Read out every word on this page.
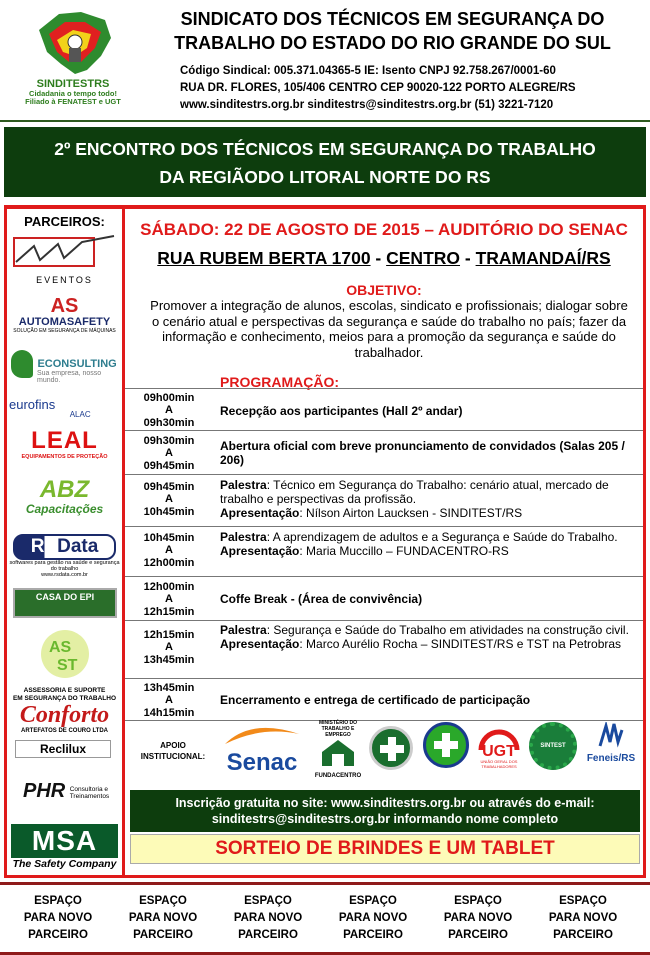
SINDITESTRS
Cidadania o tempo todo!
Filiado à FENATEST e UGT
SINDICATO DOS TÉCNICOS EM SEGURANÇA DO
TRABALHO DO ESTADO DO RIO GRANDE DO SUL
Código Sindical: 005.371.04365-5 IE: Isento CNPJ 92.758.267/0001-60
RUA DR. FLORES, 105/406 CENTRO CEP 90020-122 PORTO ALEGRE/RS
www.sinditestrs.org.br sinditestrs@sinditestrs.org.br (51) 3221-7120
2º ENCONTRO DOS TÉCNICOS EM SEGURANÇA DO TRABALHO
DA REGIÃODO LITORAL NORTE DO RS
PARCEIROS:
EVENTOS
AS
AUTOMASAFETY
SOLUÇÃO EM SEGURANÇA DE MÁQUINAS
ECONSULTING
Sua empresa, nosso mundo.
eurofins $_{ALAC}$
LEAL
EQUIPAMENTOS DE PROTEÇÃO
ABZ
Capacitações
RSData
softwares para gestão na saúde e segurança do trabalho
www.rsdata.com.br
CASA DO EPI
AS
ST
ASSESSORIA E SUPORTE
EM SEGURANÇA DO TRABALHO
Conforto
ARTEFATOS DE COURO LTDA
Reclilux
PHR Consultoria e Treinamentos
MSA
The Safety Company
SÁBADO: 22 DE AGOSTO DE 2015 – AUDITÓRIO DO SENAC
RUA RUBEM BERTA 1700 - CENTRO - TRAMANDAÍ/RS
OBJETIVO:
Promover a integração de alunos, escolas, sindicato e profissionais; dialogar sobre o cenário atual e perspectivas da segurança e saúde do trabalho no país; fazer da informação e conhecimento, meios para a promoção da segurança e saúde do trabalhador.
PROGRAMAÇÃO:
09h00min
A
09h30min
Recepção aos participantes (Hall 2º andar)
09h30min
A
09h45min
Abertura oficial com breve pronunciamento de convidados (Salas 205 / 206)
09h45min
A
10h45min
Palestra: Técnico em Segurança do Trabalho: cenário atual, mercado de trabalho e perspectivas da profissão.
Apresentação: Nílson Airton Laucksen - SINDITEST/RS
10h45min
A
12h00min
Palestra: A aprendizagem de adultos e a Segurança e Saúde do Trabalho.
Apresentação: Maria Muccillo – FUNDACENTRO-RS
12h00min
A
12h15min
Coffe Break - (Área de convivência)
12h15min
A
13h45min
Palestra: Segurança e Saúde do Trabalho em atividades na construção civil.
Apresentação: Marco Aurélio Rocha – SINDITEST/RS e TST na Petrobras
13h45min
A
14h15min
Encerramento e entrega de certificado de participação
APOIO
INSTITUCIONAL: Senac
MINISTÉRIO DO TRABALHO E EMPREGO
FUNDACENTRO
UGT
UNIÃO GERAL DOS TRABALHADORES
SINTEST
Feneis/RS
Inscrição gratuita no site: www.sinditestrs.org.br ou através do e-mail:
sinditestrs@sinditestrs.org.br informando nome completo
SORTEIO DE BRINDES E UM TABLET
ESPAÇO
PARA NOVO
PARCEIRO
ESPAÇO
PARA NOVO
PARCEIRO
ESPAÇO
PARA NOVO
PARCEIRO
ESPAÇO
PARA NOVO
PARCEIRO
ESPAÇO
PARA NOVO
PARCEIRO
ESPAÇO
PARA NOVO
PARCEIRO
